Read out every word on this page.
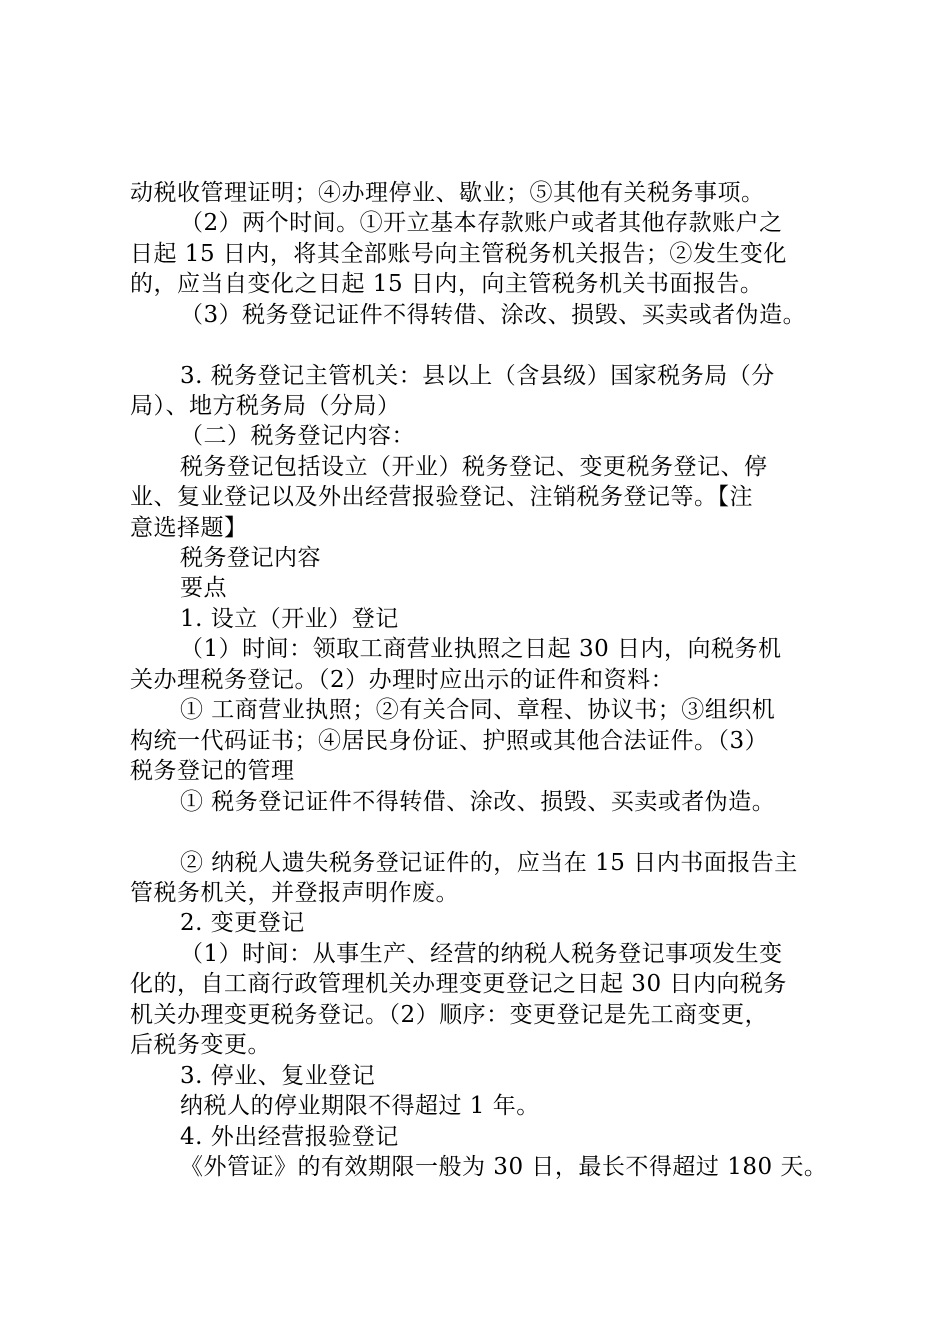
动税收管理证明；④办理停业、歇业；⑤其他有关税务事项。
（2）两个时间。①开立基本存款账户或者其他存款账户之
日起 15 日内，将其全部账号向主管税务机关报告；②发生变化
的，应当自变化之日起 15 日内，向主管税务机关书面报告。
（3）税务登记证件不得转借、涂改、损毁、买卖或者伪造。
3. 税务登记主管机关：县以上（含县级）国家税务局（分
局）、地方税务局（分局）
（二）税务登记内容：
税务登记包括设立（开业）税务登记、变更税务登记、停
业、复业登记以及外出经营报验登记、注销税务登记等。【注
意选择题】
税务登记内容
要点
1. 设立（开业）登记
（1）时间：领取工商营业执照之日起 30 日内，向税务机
关办理税务登记。（2）办理时应出示的证件和资料：
① 工商营业执照；②有关合同、章程、协议书；③组织机
构统一代码证书；④居民身份证、护照或其他合法证件。（3）
税务登记的管理
① 税务登记证件不得转借、涂改、损毁、买卖或者伪造。
② 纳税人遗失税务登记证件的，应当在 15 日内书面报告主
管税务机关，并登报声明作废。
2. 变更登记
（1）时间：从事生产、经营的纳税人税务登记事项发生变
化的，自工商行政管理机关办理变更登记之日起 30 日内向税务
机关办理变更税务登记。（2）顺序：变更登记是先工商变更，
后税务变更。
3. 停业、复业登记
纳税人的停业期限不得超过 1 年。
4. 外出经营报验登记
《外管证》的有效期限一般为 30 日，最长不得超过 180 天。
